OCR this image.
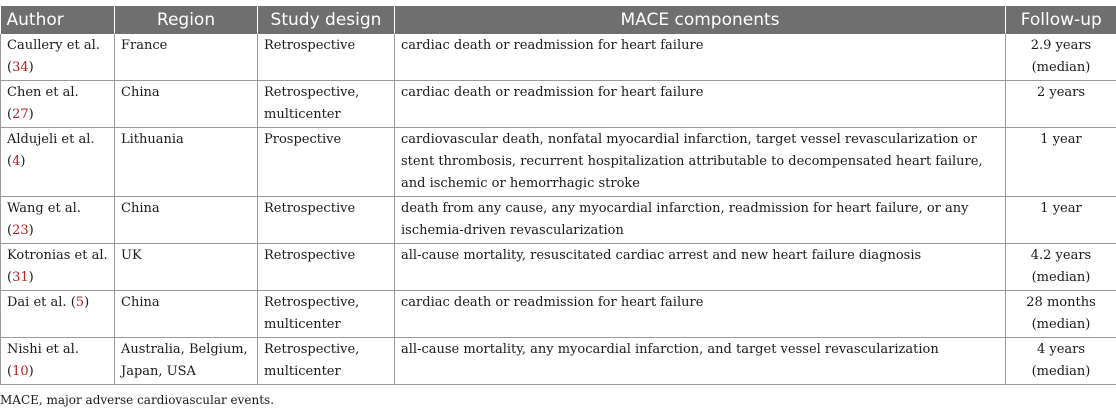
Author	Region	Study design	MACE components	Follow-up
Caullery et al. (34)	France	Retrospective	cardiac death or readmission for heart failure	2.9 years (median)
Chen et al. (27)	China	Retrospective, multicenter	cardiac death or readmission for heart failure	2 years
Aldujeli et al. (4)	Lithuania	Prospective	cardiovascular death, nonfatal myocardial infarction, target vessel revascularization or stent thrombosis, recurrent hospitalization attributable to decompensated heart failure, and ischemic or hemorrhagic stroke	1 year
Wang et al. (23)	China	Retrospective	death from any cause, any myocardial infarction, readmission for heart failure, or any ischemia-driven revascularization	1 year
Kotronias et al. (31)	UK	Retrospective	all-cause mortality, resuscitated cardiac arrest and new heart failure diagnosis	4.2 years (median)
Dai et al. (5)	China	Retrospective, multicenter	cardiac death or readmission for heart failure	28 months (median)
Nishi et al. (10)	Australia, Belgium, Japan, USA	Retrospective, multicenter	all-cause mortality, any myocardial infarction, and target vessel revascularization	4 years (median)
MACE, major adverse cardiovascular events.
